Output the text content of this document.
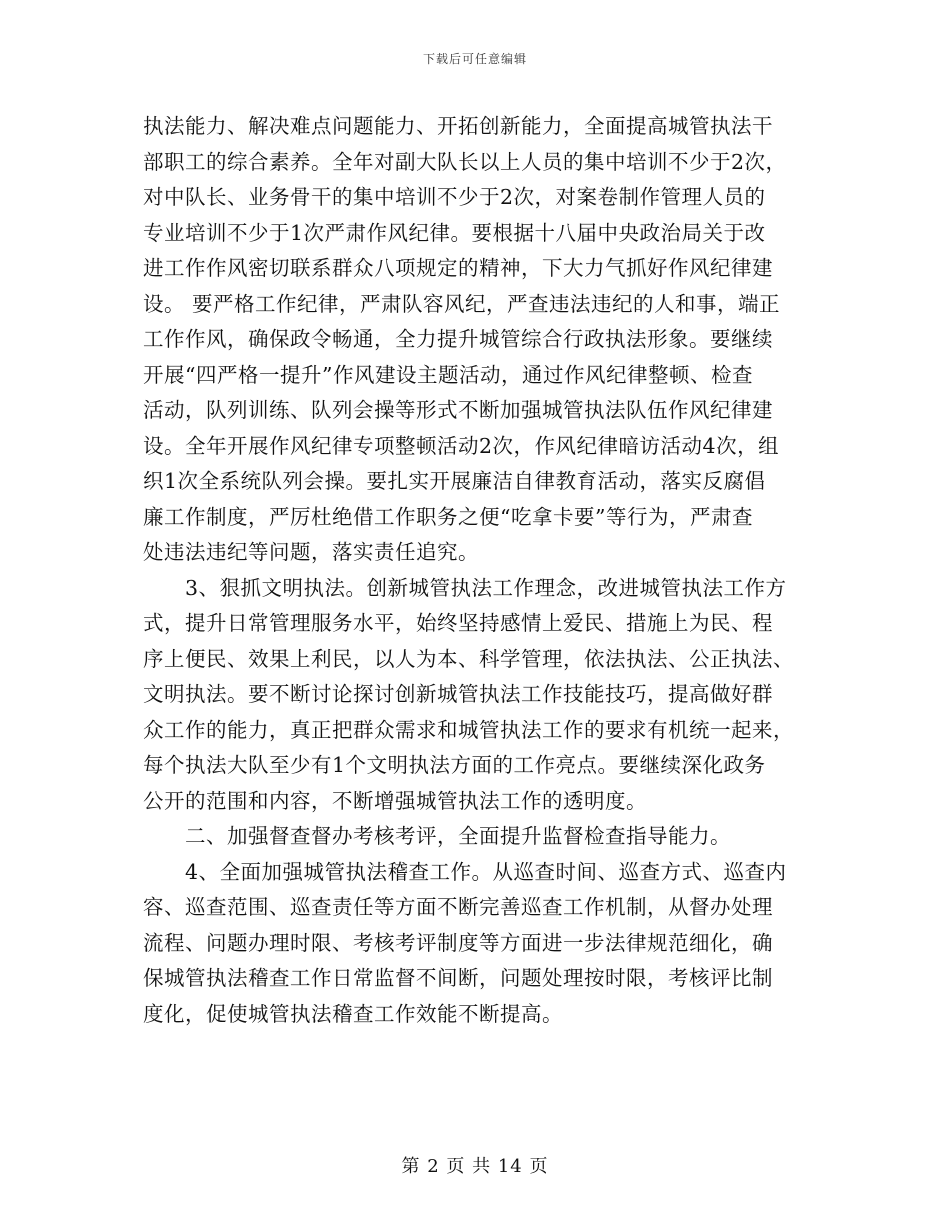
下载后可任意编辑
执法能力、解决难点问题能力、开拓创新能力，全面提高城管执法干
部职工的综合素养。全年对副大队长以上人员的集中培训不少于2次，
对中队长、业务骨干的集中培训不少于2次，对案卷制作管理人员的
专业培训不少于1次严肃作风纪律。要根据十八届中央政治局关于改
进工作作风密切联系群众八项规定的精神，下大力气抓好作风纪律建
设。 要严格工作纪律，严肃队容风纪，严查违法违纪的人和事，端正
工作作风，确保政令畅通，全力提升城管综合行政执法形象。要继续
开展“四严格一提升”作风建设主题活动，通过作风纪律整顿、检查
活动，队列训练、队列会操等形式不断加强城管执法队伍作风纪律建
设。全年开展作风纪律专项整顿活动2次，作风纪律暗访活动4次，组
织1次全系统队列会操。要扎实开展廉洁自律教育活动，落实反腐倡
廉工作制度，严厉杜绝借工作职务之便“吃拿卡要”等行为，严肃查
处违法违纪等问题，落实责任追究。
　　3、狠抓文明执法。创新城管执法工作理念，改进城管执法工作方
式，提升日常管理服务水平，始终坚持感情上爱民、措施上为民、程
序上便民、效果上利民，以人为本、科学管理，依法执法、公正执法、
文明执法。要不断讨论探讨创新城管执法工作技能技巧，提高做好群
众工作的能力，真正把群众需求和城管执法工作的要求有机统一起来，
每个执法大队至少有1个文明执法方面的工作亮点。要继续深化政务
公开的范围和内容，不断增强城管执法工作的透明度。
　　二、加强督查督办考核考评，全面提升监督检查指导能力。
　　4、全面加强城管执法稽查工作。从巡查时间、巡查方式、巡查内
容、巡查范围、巡查责任等方面不断完善巡查工作机制，从督办处理
流程、问题办理时限、考核考评制度等方面进一步法律规范细化，确
保城管执法稽查工作日常监督不间断，问题处理按时限，考核评比制
度化，促使城管执法稽查工作效能不断提高。
第 2 页 共 14 页
